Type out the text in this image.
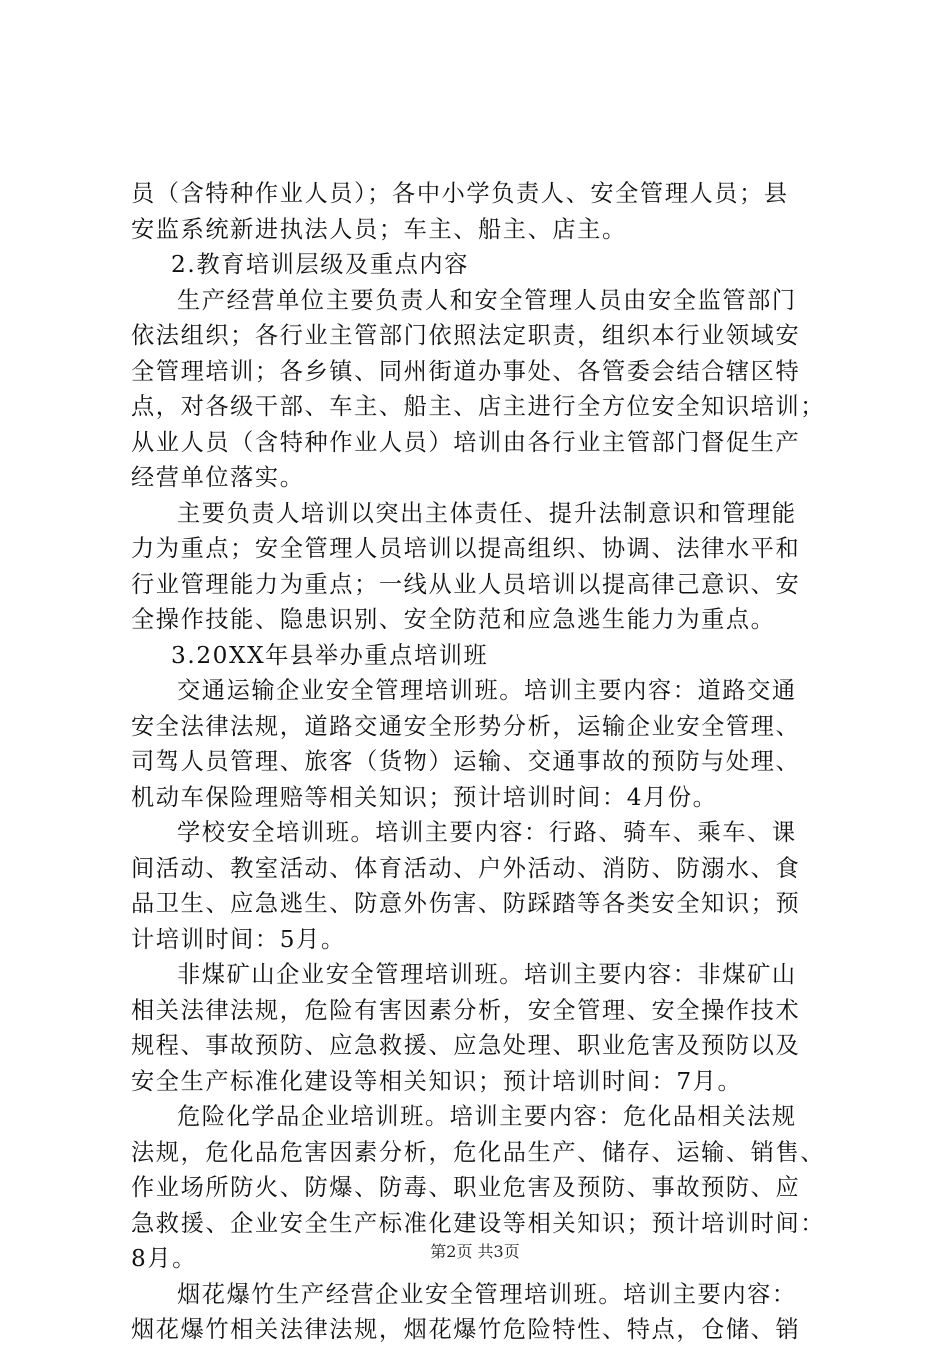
员（含特种作业人员）；各中小学负责人、安全管理人员；县
安监系统新进执法人员；车主、船主、店主。
2.教育培训层级及重点内容
生产经营单位主要负责人和安全管理人员由安全监管部门
依法组织；各行业主管部门依照法定职责，组织本行业领域安
全管理培训；各乡镇、同州街道办事处、各管委会结合辖区特
点，对各级干部、车主、船主、店主进行全方位安全知识培训；
从业人员（含特种作业人员）培训由各行业主管部门督促生产
经营单位落实。
主要负责人培训以突出主体责任、提升法制意识和管理能
力为重点；安全管理人员培训以提高组织、协调、法律水平和
行业管理能力为重点；一线从业人员培训以提高律己意识、安
全操作技能、隐患识别、安全防范和应急逃生能力为重点。
3.20XX年县举办重点培训班
交通运输企业安全管理培训班。培训主要内容：道路交通
安全法律法规，道路交通安全形势分析，运输企业安全管理、
司驾人员管理、旅客（货物）运输、交通事故的预防与处理、
机动车保险理赔等相关知识；预计培训时间：4月份。
学校安全培训班。培训主要内容：行路、骑车、乘车、课
间活动、教室活动、体育活动、户外活动、消防、防溺水、食
品卫生、应急逃生、防意外伤害、防踩踏等各类安全知识；预
计培训时间：5月。
非煤矿山企业安全管理培训班。培训主要内容：非煤矿山
相关法律法规，危险有害因素分析，安全管理、安全操作技术
规程、事故预防、应急救援、应急处理、职业危害及预防以及
安全生产标准化建设等相关知识；预计培训时间：7月。
危险化学品企业培训班。培训主要内容：危化品相关法规
法规，危化品危害因素分析，危化品生产、储存、运输、销售、
作业场所防火、防爆、防毒、职业危害及预防、事故预防、应
急救援、企业安全生产标准化建设等相关知识；预计培训时间：
8月。
烟花爆竹生产经营企业安全管理培训班。培训主要内容：
烟花爆竹相关法律法规，烟花爆竹危险特性、特点，仓储、销
第2页 共3页
